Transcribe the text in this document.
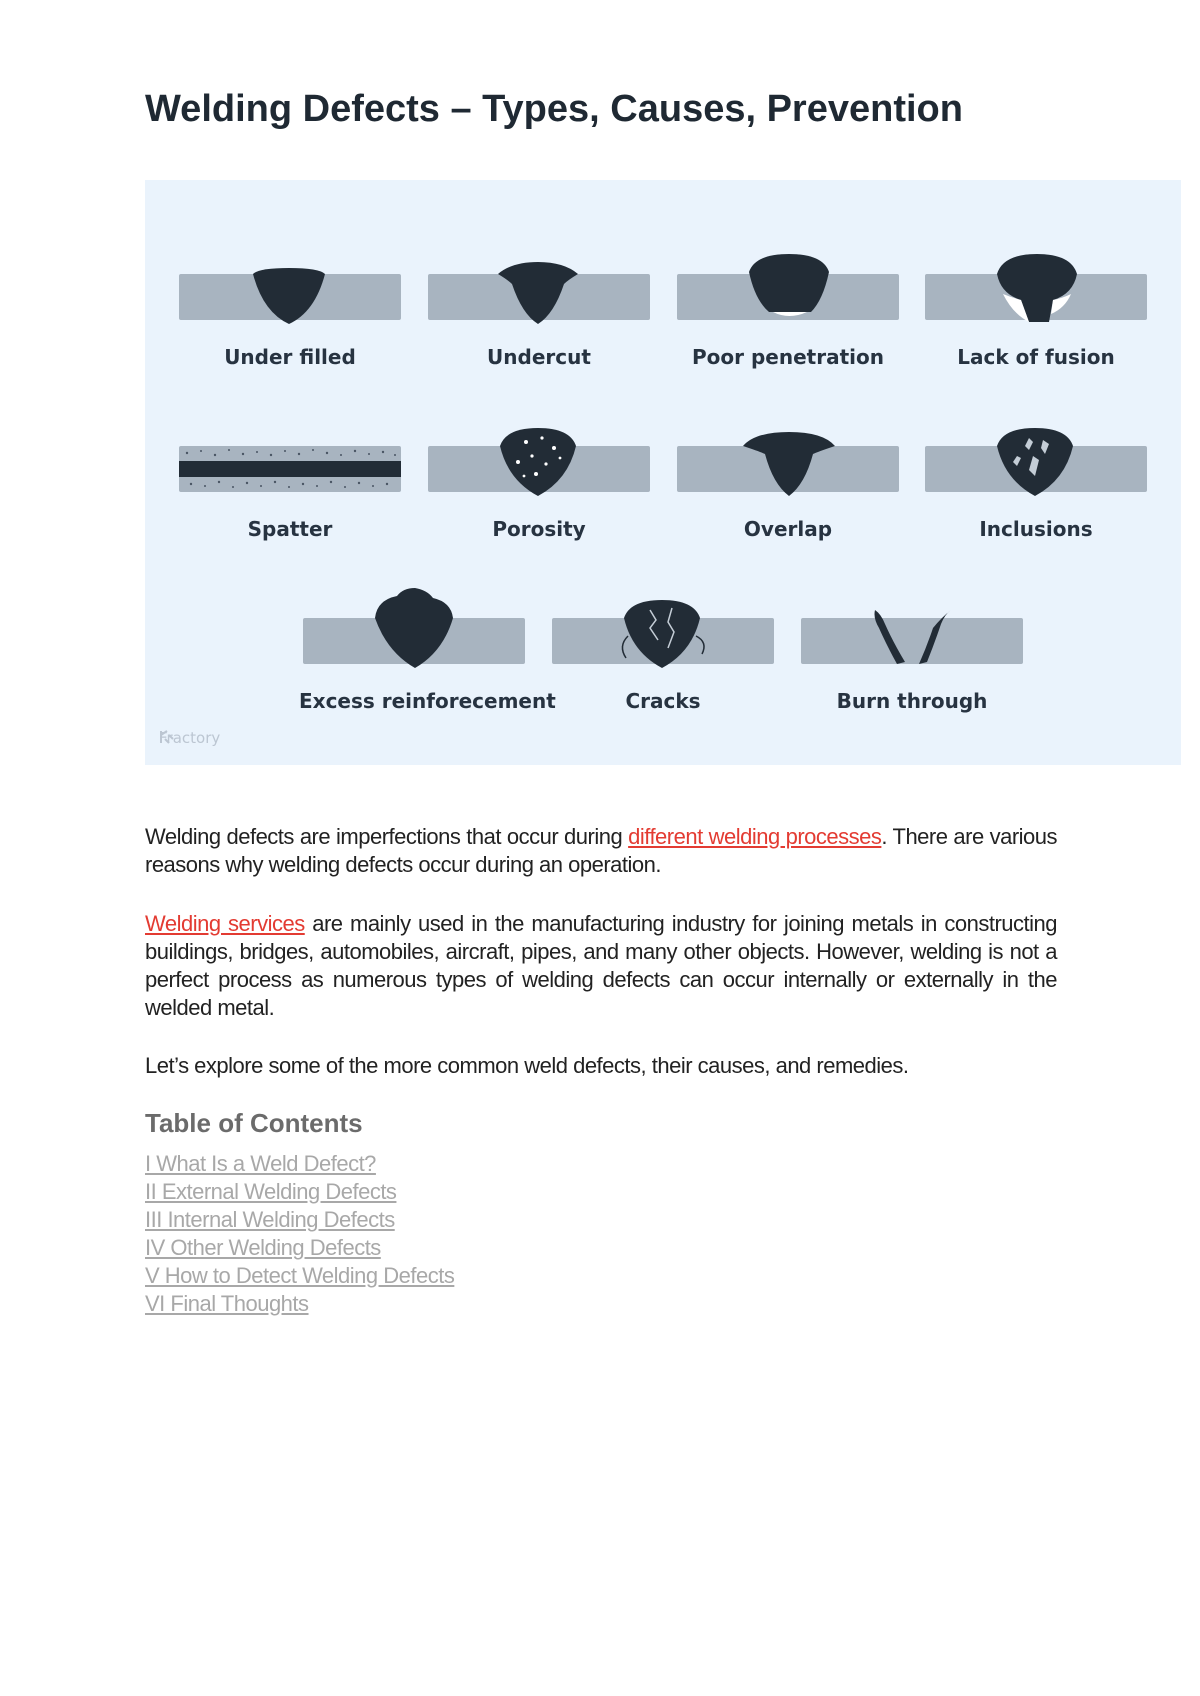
Welding Defects – Types, Causes, Prevention
Under filled	Undercut	Poor penetration	Lack of fusion
Spatter	Porosity	Overlap	Inclusions
Excess reinforecement	Cracks	Burn through
Fractory

Welding defects are imperfections that occur during different welding processes. There are various reasons why welding defects occur during an operation.

Welding services are mainly used in the manufacturing industry for joining metals in constructing buildings, bridges, automobiles, aircraft, pipes, and many other objects. However, welding is not a perfect process as numerous types of welding defects can occur internally or externally in the welded metal.

Let’s explore some of the more common weld defects, their causes, and remedies.

Table of Contents
I What Is a Weld Defect?
II External Welding Defects
III Internal Welding Defects
IV Other Welding Defects
V How to Detect Welding Defects
VI Final Thoughts
